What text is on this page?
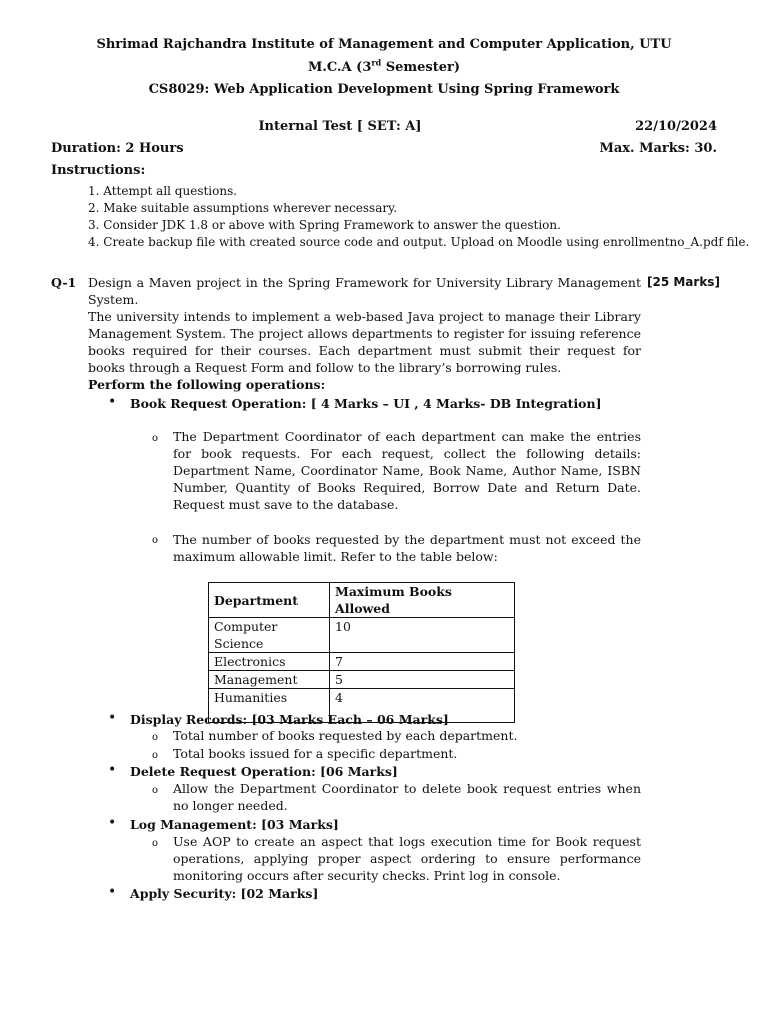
Shrimad Rajchandra Institute of Management and Computer Application, UTU
M.C.A (3rd Semester)
CS8029: Web Application Development Using Spring Framework
Internal Test [ SET: A]	22/10/2024
Duration: 2 Hours	Max. Marks: 30.
Instructions:
1. Attempt all questions.
2. Make suitable assumptions wherever necessary.
3. Consider JDK 1.8 or above with Spring Framework to answer the question.
4. Create backup file with created source code and output. Upload on Moodle using enrollmentno_A.pdf file.
Q-1	[25 Marks]

Design a Maven project in the Spring Framework for University Library Management System.

The university intends to implement a web-based Java project to manage their Library Management System. The project allows departments to register for issuing reference books required for their courses. Each department must submit their request for books through a Request Form and follow to the library’s borrowing rules.

Perform the following operations:

• Book Request Operation: [ 4 Marks – UI , 4 Marks- DB Integration]
o The Department Coordinator of each department can make the entries for book requests. For each request, collect the following details: Department Name, Coordinator Name, Book Name, Author Name, ISBN Number, Quantity of Books Required, Borrow Date and Return Date. Request must save to the database.

o The number of books requested by the department must not exceed the maximum allowable limit. Refer to the table below:

Department	Maximum Books Allowed
Computer Science	10
Electronics	7
Management	5
Humanities	4
• Display Records: [03 Marks Each – 06 Marks]
o Total number of books requested by each department.
o Total books issued for a specific department.
• Delete Request Operation: [06 Marks]
o Allow the Department Coordinator to delete book request entries when no longer needed.

• Log Management: [03 Marks]
o Use AOP to create an aspect that logs execution time for Book request operations, applying proper aspect ordering to ensure performance monitoring occurs after security checks. Print log in console.

• Apply Security: [02 Marks]
